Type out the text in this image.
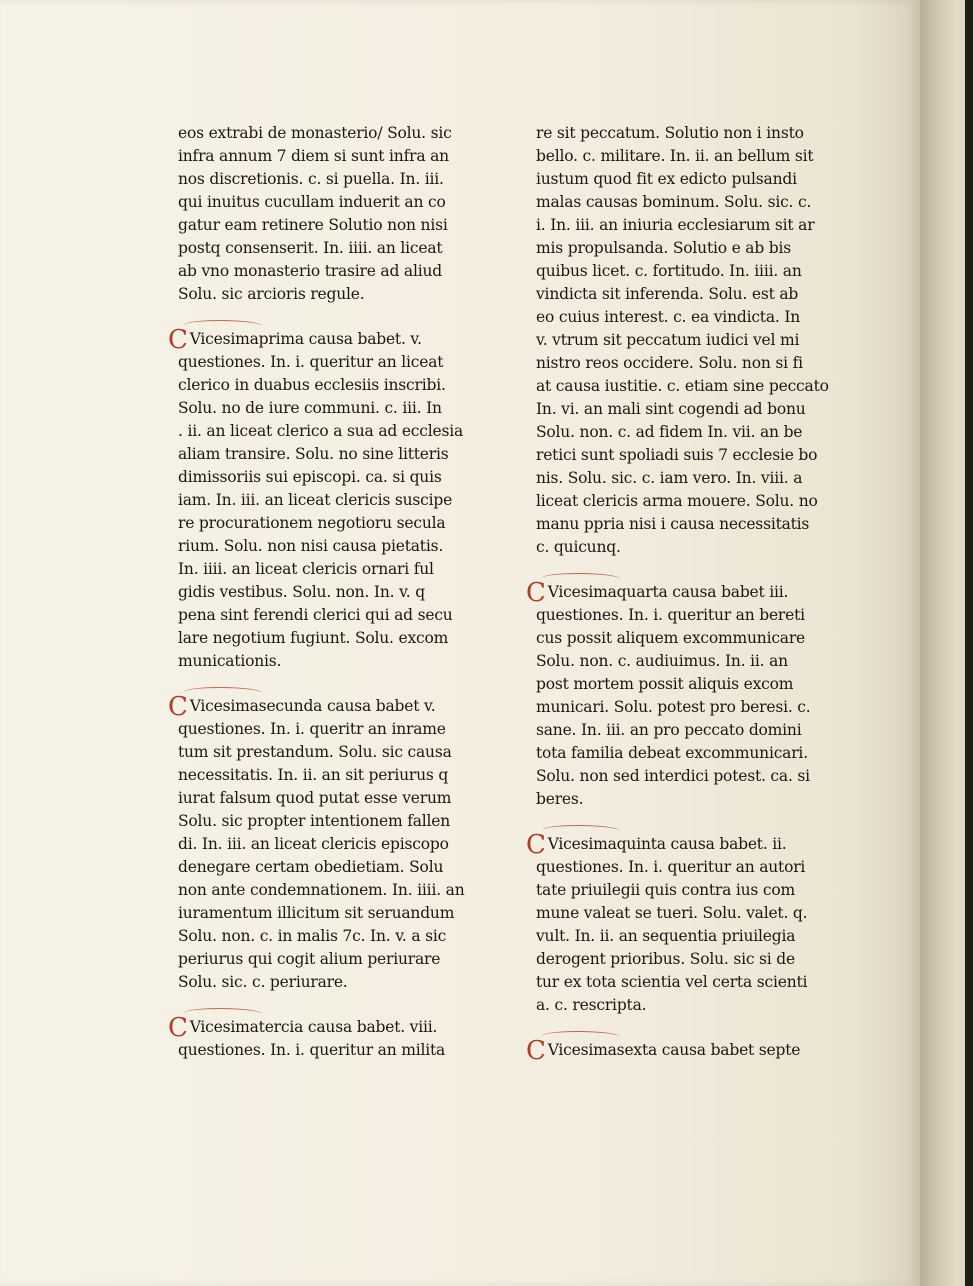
eos extrabi de monasterio/ Solu. sic
infra annum 7 diem si sunt infra an
nos discretionis. c. si puella. In. iii.
qui inuitus cucullam induerit an co
gatur eam retinere Solutio non nisi
postq consenserit. In. iiii. an liceat
ab vno monasterio trasire ad aliud
Solu. sic arcioris regule.
C Vicesimaprima causa babet. v.
questiones. In. i. queritur an liceat
clerico in duabus ecclesiis inscribi.
Solu. no de iure communi. c. iii. In
. ii. an liceat clerico a sua ad ecclesia
aliam transire. Solu. no sine litteris
dimissoriis sui episcopi. ca. si quis
iam. In. iii. an liceat clericis suscipe
re procurationem negotioru secula
rium. Solu. non nisi causa pietatis.
In. iiii. an liceat clericis ornari ful
gidis vestibus. Solu. non. In. v. q
pena sint ferendi clerici qui ad secu
lare negotium fugiunt. Solu. excom
municationis.
C Vicesimasecunda causa babet v.
questiones. In. i. queritr an inrame
tum sit prestandum. Solu. sic causa
necessitatis. In. ii. an sit periurus q
iurat falsum quod putat esse verum
Solu. sic propter intentionem fallen
di. In. iii. an liceat clericis episcopo
denegare certam obedietiam. Solu
non ante condemnationem. In. iiii. an
iuramentum illicitum sit seruandum
Solu. non. c. in malis 7c. In. v. a sic
periurus qui cogit alium periurare
Solu. sic. c. periurare.
C Vicesimatercia causa babet. viii.
questiones. In. i. queritur an milita
re sit peccatum. Solutio non i insto
bello. c. militare. In. ii. an bellum sit
iustum quod fit ex edicto pulsandi
malas causas bominum. Solu. sic. c.
i. In. iii. an iniuria ecclesiarum sit ar
mis propulsanda. Solutio e ab bis
quibus licet. c. fortitudo. In. iiii. an
vindicta sit inferenda. Solu. est ab
eo cuius interest. c. ea vindicta. In
v. vtrum sit peccatum iudici vel mi
nistro reos occidere. Solu. non si fi
at causa iustitie. c. etiam sine peccato
In. vi. an mali sint cogendi ad bonu
Solu. non. c. ad fidem In. vii. an be
retici sunt spoliadi suis 7 ecclesie bo
nis. Solu. sic. c. iam vero. In. viii. a
liceat clericis arma mouere. Solu. no
manu ppria nisi i causa necessitatis
c. quicunq.
C Vicesimaquarta causa babet iii.
questiones. In. i. queritur an bereti
cus possit aliquem excommunicare
Solu. non. c. audiuimus. In. ii. an
post mortem possit aliquis excom
municari. Solu. potest pro beresi. c.
sane. In. iii. an pro peccato domini
tota familia debeat excommunicari.
Solu. non sed interdici potest. ca. si
beres.
C Vicesimaquinta causa babet. ii.
questiones. In. i. queritur an autori
tate priuilegii quis contra ius com
mune valeat se tueri. Solu. valet. q.
vult. In. ii. an sequentia priuilegia
derogent prioribus. Solu. sic si de
tur ex tota scientia vel certa scienti
a. c. rescripta.
C Vicesimasexta causa babet septe
